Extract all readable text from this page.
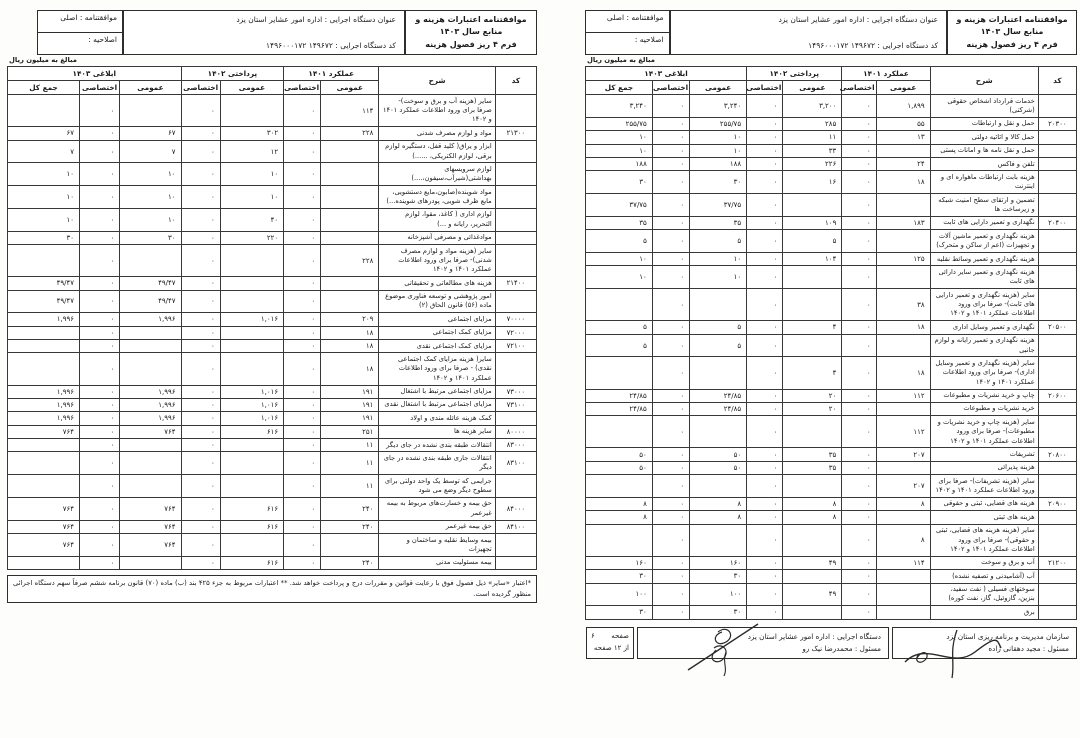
موافقتنامه اعتبارات هزینه و منابع سال ۱۴۰۳
فرم ۴ ریز فصول هزینه
عنوان دستگاه اجرایی : اداره امور عشایر استان یزد
کد دستگاه اجرایی : ۱۴۹۶۷۲ ۱۴۹۶۰۰۰۱۷۲
موافقتنامه : اصلی
اصلاحیه :
مبالغ به میلیون ریال
کد	شرح	عملکرد ۱۴۰۱		پرداختی ۱۴۰۲		ابلاغی ۱۴۰۳		
		عمومی	اختصاصی	عمومی	اختصاصی	عمومی	اختصاصی	جمع کل
	سایر (هزینه آب و برق و سوخت)- صرفا برای ورود اطلاعات عملکرد ۱۴۰۱ و ۱۴۰۲	۱۱۴	۰		۰		۰	
۲۱۳۰۰	مواد و لوازم مصرف شدنی	۲۲۸	۰	۳۰۲	۰	۶۷	۰	۶۷
	ابزار و یراق( کلید قفل، دستگیره لوازم برقی، لوازم الکتریکی، ......)		۰	۱۲	۰	۷	۰	۷
	لوازم سرویسهای بهداشتی(شیرآب،سیفون،....)		۰	۱۰	۰	۱۰	۰	۱۰
	مواد شوینده(صابون،مایع دستشویی، مایع ظرف شویی، پودرهای شوینده...)		۰	۱۰	۰	۱۰	۰	۱۰
	لوازم اداری ( کاغذ، مقوا، لوازم التحریر، رایانه و ...)		۰	۴۰	۰	۱۰	۰	۱۰
	موادغذائی و مصرفی آشپزخانه		۰	۲۲۰	۰	۳۰	۰	۳۰
	سایر (هزینه مواد و لوازم مصرف شدنی)- صرفا برای ورود اطلاعات عملکرد ۱۴۰۱ و ۱۴۰۲	۲۲۸	۰		۰		۰	
۲۱۴۰۰	هزینه های مطالعاتی و تحقیقاتی		۰		۰	۴۹/۴۷	۰	۴۹/۴۷
	امور پژوهشی و توسعه فناوری موضوع ماده (۵۶) قانون الحاق (۲)		۰		۰	۴۹/۴۷	۰	۴۹/۴۷
۷۰۰۰۰	مزایای اجتماعی	۲۰۹	۰	۱,۰۱۶	۰	۱,۹۹۶	۰	۱,۹۹۶
۷۲۰۰۰	مزایای کمک اجتماعی	۱۸	۰		۰		۰	
۷۲۱۰۰	مزایای کمک اجتماعی نقدی	۱۸	۰		۰		۰	
	سایر( هزینه مزایای کمک اجتماعی نقدی) - صرفا برای ورود اطلاعات عملکرد ۱۴۰۱ و ۱۴۰۲	۱۸	۰		۰		۰	
۷۳۰۰۰	مزایای اجتماعی مرتبط با اشتغال	۱۹۱	۰	۱,۰۱۶	۰	۱,۹۹۶	۰	۱,۹۹۶
۷۳۱۰۰	مزایای اجتماعی مرتبط با اشتغال نقدی	۱۹۱	۰	۱,۰۱۶	۰	۱,۹۹۶	۰	۱,۹۹۶
	کمک هزینه عائله مندی و اولاد	۱۹۱	۰	۱,۰۱۶	۰	۱,۹۹۶	۰	۱,۹۹۶
۸۰۰۰۰	سایر هزینه ها	۲۵۱	۰	۶۱۶	۰	۷۶۴	۰	۷۶۴
۸۳۰۰۰	انتقالات طبقه بندی نشده در جای دیگر	۱۱	۰		۰		۰	
۸۳۱۰۰	انتقالات جاری طبقه بندی نشده در جای دیگر	۱۱	۰		۰		۰	
	جرایمی که توسط یک واحد دولتی برای سطوح دیگر وضع می شود	۱۱	۰		۰		۰	
۸۴۰۰۰	حق بیمه و خسارت‌های مربوط به بیمه غیرعمر	۲۴۰	۰	۶۱۶	۰	۷۶۴	۰	۷۶۴
۸۴۱۰۰	حق بیمه غیرعمر	۲۴۰	۰	۶۱۶	۰	۷۶۴	۰	۷۶۴
	بیمه وسایط نقلیه و ساختمان و تجهیزات		۰		۰	۷۶۴	۰	۷۶۴
	بیمه مسئولیت مدنی	۲۴۰	۰	۶۱۶	۰		۰	
*اعتبار «سایر» ذیل فصول فوق با رعایت قوانین و مقررات درج و پرداخت خواهد شد. ** اعتبارات مربوط به جزء ۴۲۵ بند (ب) ماده (۷۰) قانون برنامه ششم صرفاً سهم دستگاه اجرائی منظور گردیده است.
موافقتنامه اعتبارات هزینه و منابع سال ۱۴۰۳
فرم ۴ ریز فصول هزینه
عنوان دستگاه اجرایی : اداره امور عشایر استان یزد
کد دستگاه اجرایی : ۱۴۹۶۷۲ ۱۴۹۶۰۰۰۱۷۲
موافقتنامه : اصلی
اصلاحیه :
مبالغ به میلیون ریال
کد	شرح	عملکرد ۱۴۰۱		پرداختی ۱۴۰۲		ابلاغی ۱۴۰۳		
		عمومی	اختصاصی	عمومی	اختصاصی	عمومی	اختصاصی	جمع کل
	خدمات قرارداد اشخاص حقوقی (شرکتی)	۱,۸۹۹	۰	۳,۲۰۰	۰	۳,۲۴۰	۰	۳,۲۴۰
۲۰۳۰۰	حمل و نقل و ارتباطات	۵۵	۰	۲۸۵	۰	۲۵۵/۷۵	۰	۲۵۵/۷۵
	حمل کالا و اثاثیه دولتی	۱۳	۰	۱۱	۰	۱۰	۰	۱۰
	حمل و نقل نامه ها و امانات پستی		۰	۳۳	۰	۱۰	۰	۱۰
	تلفن و فاکس	۲۴	۰	۲۲۶	۰	۱۸۸	۰	۱۸۸
	هزینه بابت ارتباطات ماهواره ای و اینترنت	۱۸	۰	۱۶	۰	۳۰	۰	۳۰
	تضمین و ارتقای سطح امنیت شبکه و زیرساخت ها		۰		۰	۳۷/۷۵	۰	۳۷/۷۵
۲۰۴۰۰	نگهداری و تعمیر دارایی های ثابت	۱۸۳	۰	۱۰۹	۰	۳۵	۰	۳۵
	هزینه نگهداری و تعمیر ماشین آلات و تجهیزات (اعم از ساکن و متحرک)		۰	۵	۰	۵	۰	۵
	هزینه نگهداری و تعمیر وسائط نقلیه	۱۲۵	۰	۱۰۴	۰	۱۰	۰	۱۰
	هزینه نگهداری و تعمیر سایر دارائی های ثابت		۰		۰	۱۰	۰	۱۰
	سایر (هزینه نگهداری و تعمیر دارایی های ثابت)- صرفا برای ورود اطلاعات عملکرد ۱۴۰۱ و ۱۴۰۲	۳۸	۰		۰		۰	
۲۰۵۰۰	نگهداری و تعمیر وسایل اداری	۱۸	۰	۴	۰	۵	۰	۵
	هزینه نگهداری و تعمیر رایانه و لوازم جانبی		۰		۰	۵	۰	۵
	سایر (هزینه نگهداری و تعمیر وسایل اداری)- صرفا برای ورود اطلاعات عملکرد ۱۴۰۱ و ۱۴۰۲	۱۸	۰	۴	۰		۰	
۲۰۶۰۰	چاپ و خرید نشریات و مطبوعات	۱۱۲	۰	۲۰	۰	۲۴/۸۵	۰	۲۴/۸۵
	خرید نشریات و مطبوعات		۰	۲۰	۰	۲۴/۸۵	۰	۲۴/۸۵
	سایر (هزینه چاپ و خرید نشریات و مطبوعات)- صرفا برای ورود اطلاعات عملکرد ۱۴۰۱ و ۱۴۰۲	۱۱۲	۰		۰		۰	
۲۰۸۰۰	تشریفات	۲۰۷	۰	۳۵	۰	۵۰	۰	۵۰
	هزینه پذیرائی		۰	۳۵	۰	۵۰	۰	۵۰
	سایر (هزینه تشریفات)- صرفا برای ورود اطلاعات عملکرد ۱۴۰۱ و ۱۴۰۲	۲۰۷	۰		۰		۰	
۲۰۹۰۰	هزینه های قضایی، ثبتی و حقوقی	۸	۰	۸	۰	۸	۰	۸
	هزینه های ثبتی		۰	۸	۰	۸	۰	۸
	سایر (هزینه هزینه های قضایی، ثبتی و حقوقی)- صرفا برای ورود اطلاعات عملکرد ۱۴۰۱ و ۱۴۰۲	۸	۰		۰		۰	
۲۱۲۰۰	آب و برق و سوخت	۱۱۴	۰	۴۹	۰	۱۶۰	۰	۱۶۰
	آب (آشامیدنی و تصفیه نشده)		۰		۰	۳۰	۰	۳۰
	سوختهای فسیلی ( نفت سفید، بنزین، گازوئیل، گاز، نفت کوره)		۰	۴۹	۰	۱۰۰	۰	۱۰۰
	برق		۰		۰	۳۰	۰	۳۰
سازمان مدیریت و برنامه ریزی استان یزد
مسئول : مجید دهقانی زاده
دستگاه اجرایی : اداره امور عشایر استان یزد
مسئول : محمدرضا نیک رو
صفحه
۶
از ۱۲ صفحه
